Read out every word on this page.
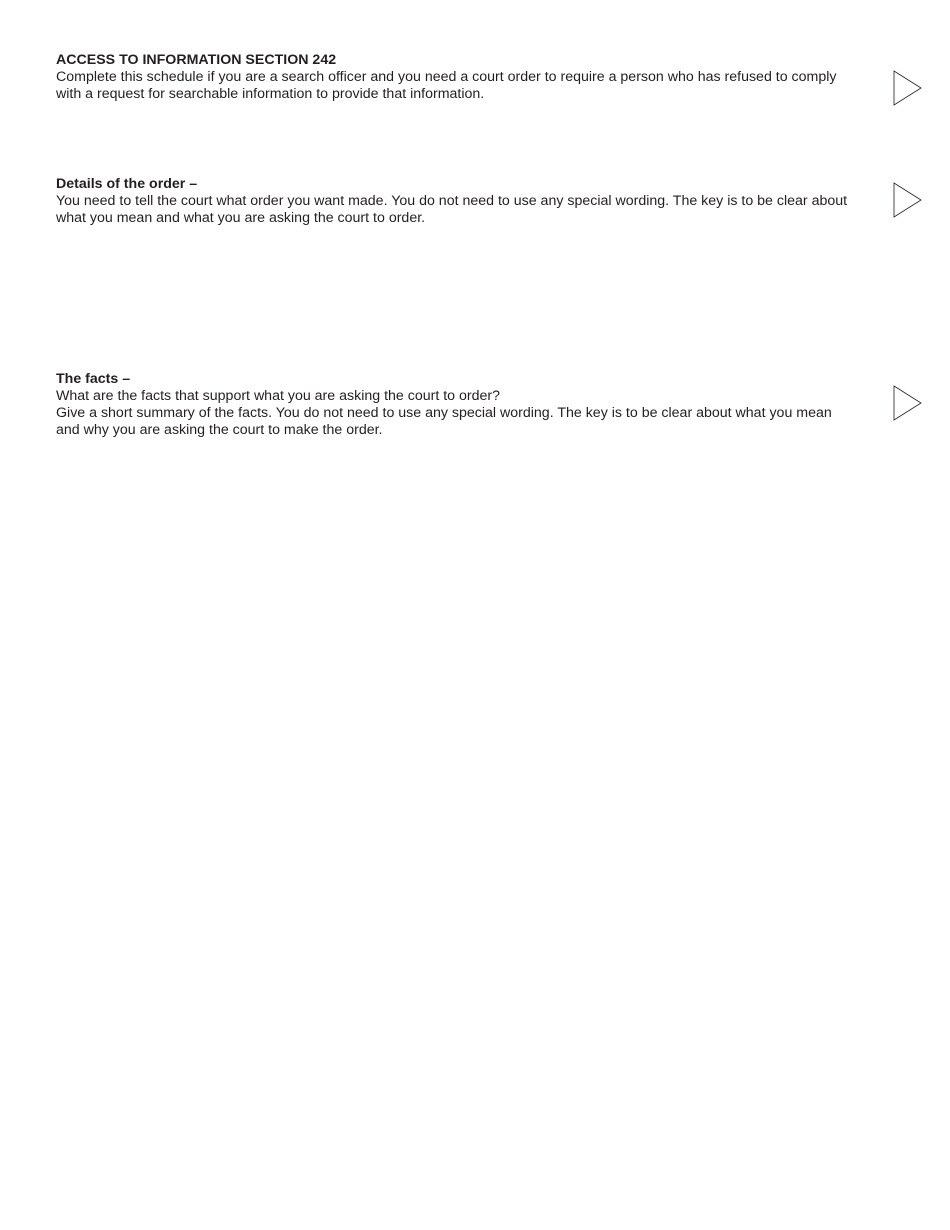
ACCESS TO INFORMATION SECTION 242

Complete this schedule if you are a search officer and you need a court order to require a person who has refused to comply with a request for searchable information to provide that information.

Details of the order –

You need to tell the court what order you want made. You do not need to use any special wording. The key is to be clear about what you mean and what you are asking the court to order.

The facts –

What are the facts that support what you are asking the court to order?

Give a short summary of the facts. You do not need to use any special wording. The key is to be clear about what you mean and why you are asking the court to make the order.
